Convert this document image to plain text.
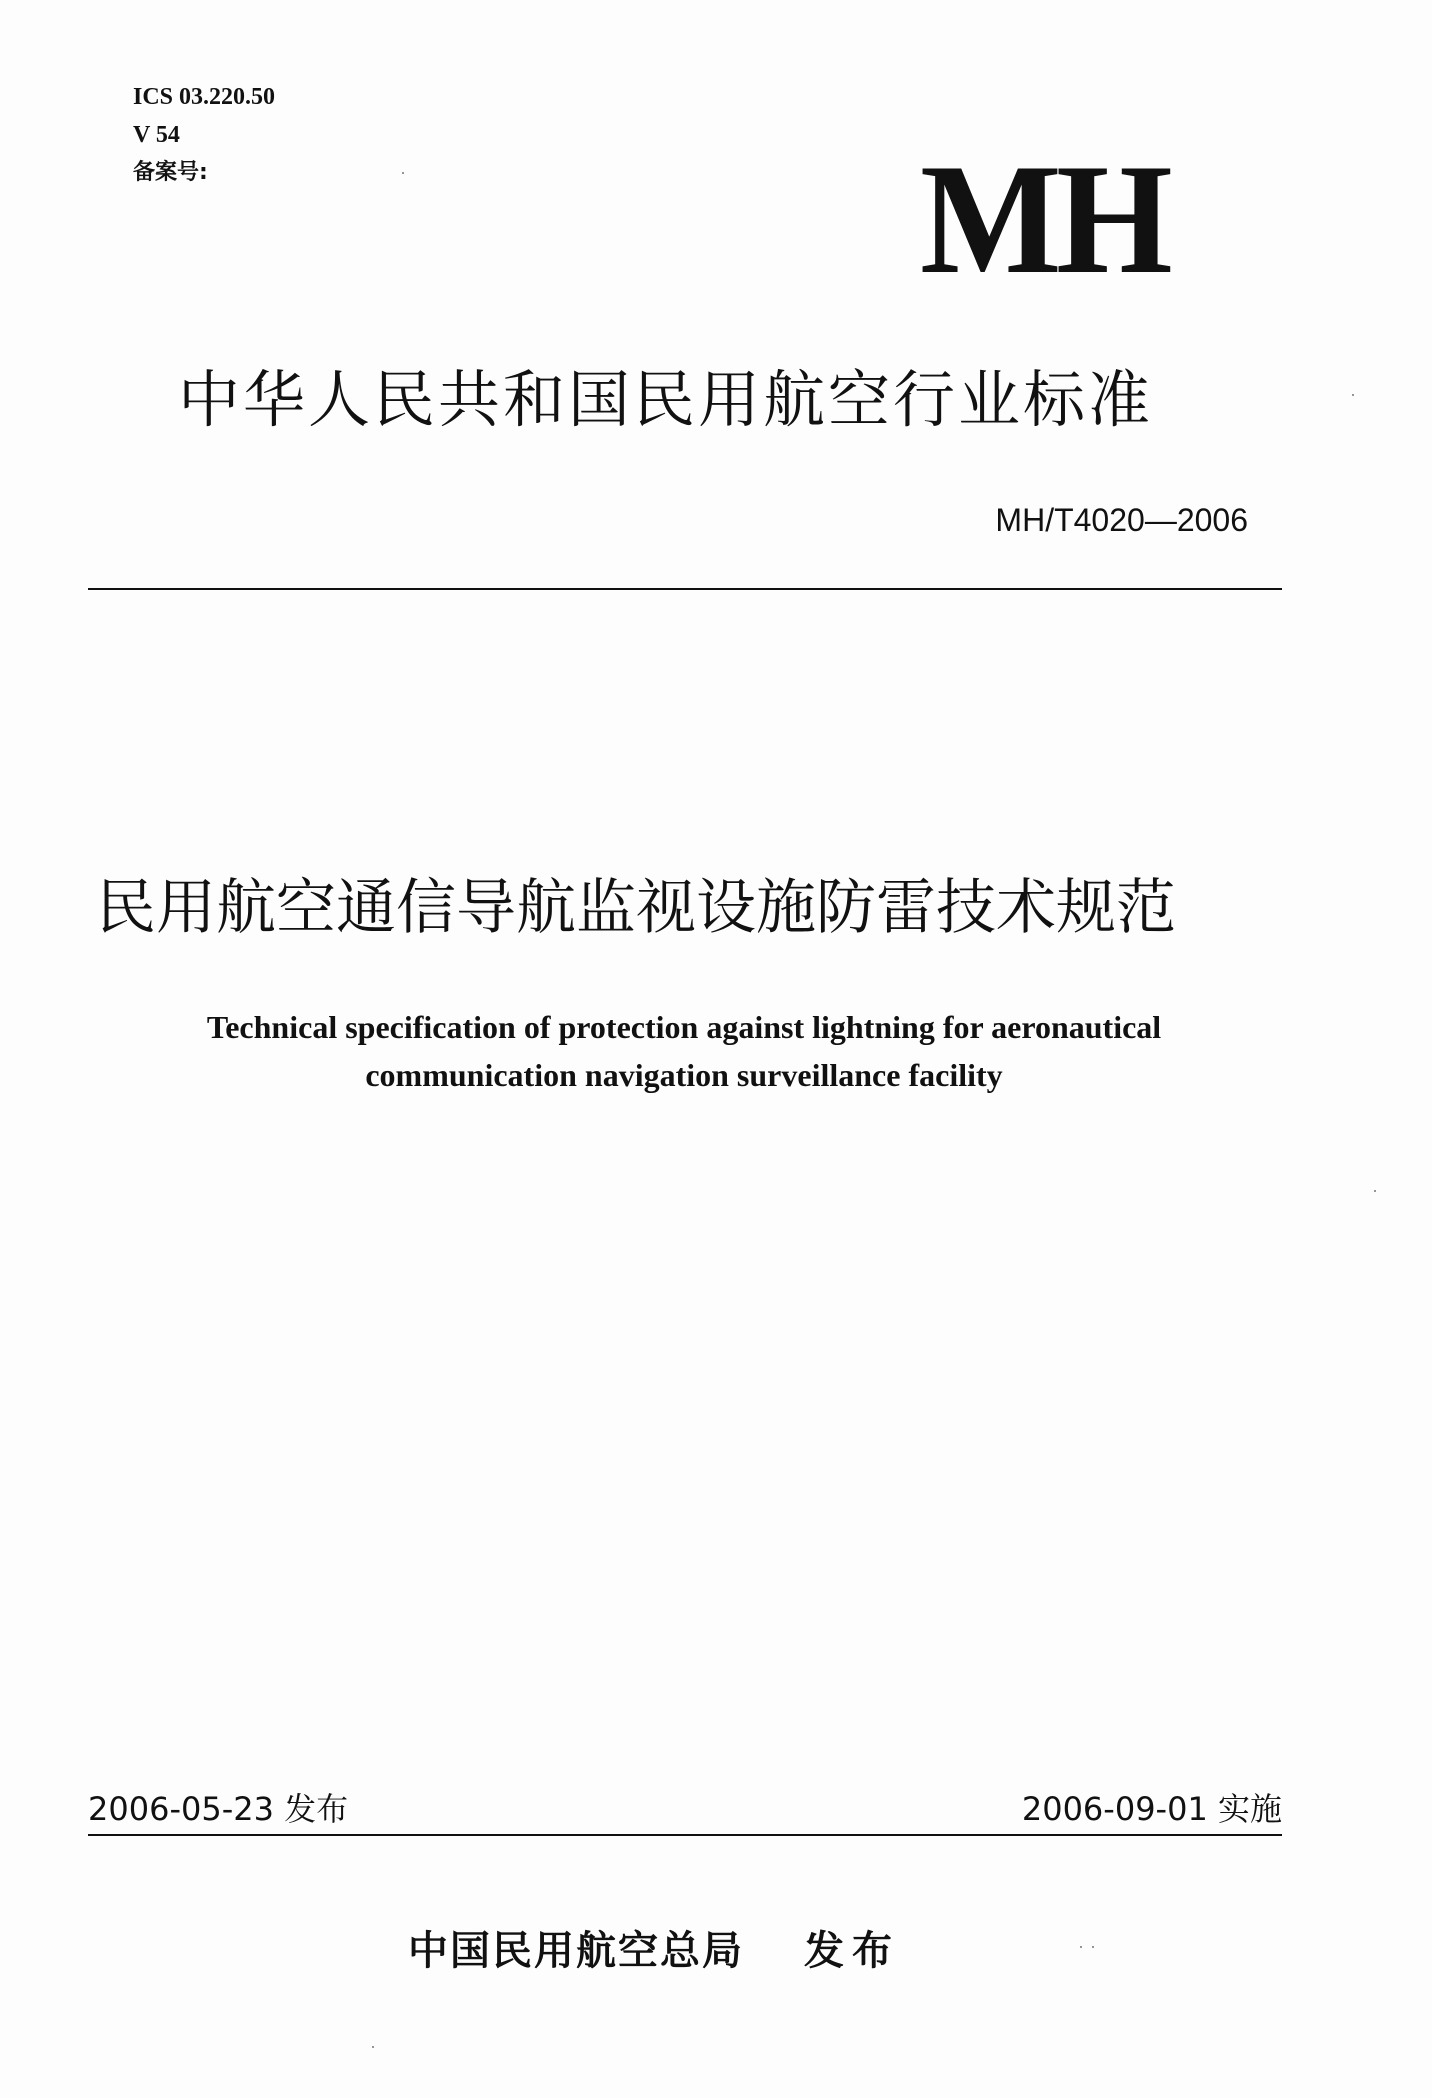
ICS 03.220.50
V 54
备案号:	MH
中华人民共和国民用航空行业标准
MH/T4020—2006
民用航空通信导航监视设施防雷技术规范
Technical specification of protection against lightning for aeronautical
communication navigation surveillance facility
2006-05-23 发布	2006-09-01 实施
中国民用航空总局 发布
